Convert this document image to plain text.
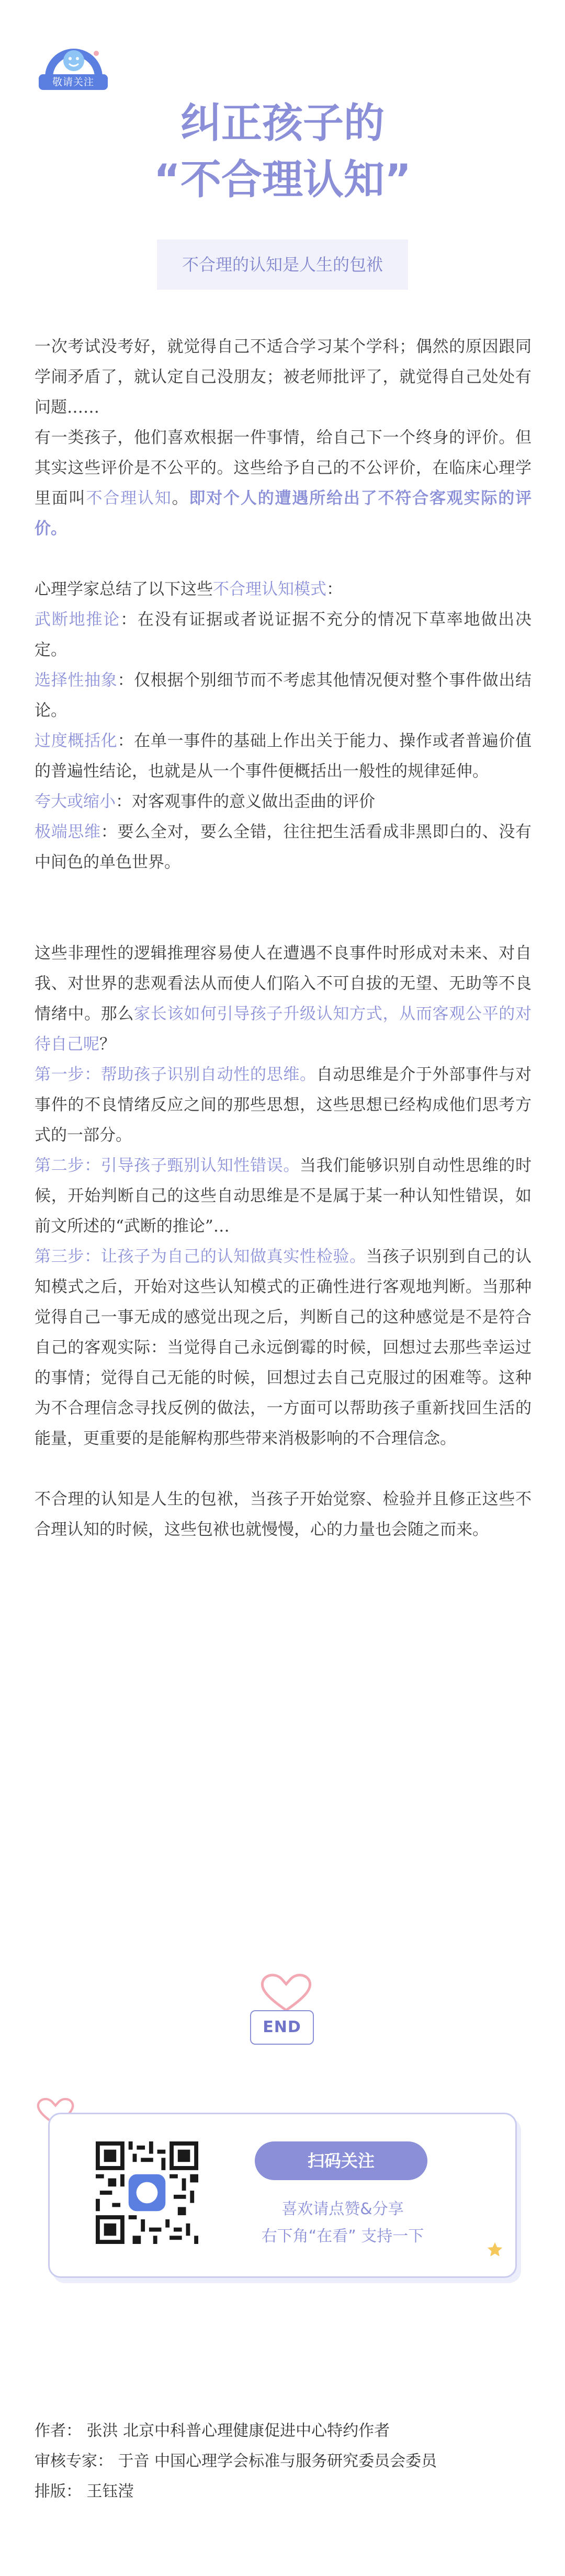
敬请关注
纠正孩子的
“不合理认知”
不合理的认知是人生的包袱

一次考试没考好，就觉得自己不适合学习某个学科；偶然的原因跟同学闹矛盾了，就认定自己没朋友；被老师批评了，就觉得自己处处有问题……

有一类孩子，他们喜欢根据一件事情，给自己下一个终身的评价。但其实这些评价是不公平的。这些给予自己的不公评价，在临床心理学里面叫不合理认知。即对个人的遭遇所给出了不符合客观实际的评价。

心理学家总结了以下这些不合理认知模式：

武断地推论：在没有证据或者说证据不充分的情况下草率地做出决定。

选择性抽象：仅根据个别细节而不考虑其他情况便对整个事件做出结论。

过度概括化：在单一事件的基础上作出关于能力、操作或者普遍价值的普遍性结论，也就是从一个事件便概括出一般性的规律延伸。

夸大或缩小：对客观事件的意义做出歪曲的评价

极端思维：要么全对，要么全错，往往把生活看成非黑即白的、没有中间色的单色世界。

这些非理性的逻辑推理容易使人在遭遇不良事件时形成对未来、对自我、对世界的悲观看法从而使人们陷入不可自拔的无望、无助等不良情绪中。那么家长该如何引导孩子升级认知方式，从而客观公平的对待自己呢？

第一步：帮助孩子识别自动性的思维。自动思维是介于外部事件与对事件的不良情绪反应之间的那些思想，这些思想已经构成他们思考方式的一部分。

第二步：引导孩子甄别认知性错误。当我们能够识别自动性思维的时候，开始判断自己的这些自动思维是不是属于某一种认知性错误，如前文所述的“武断的推论”…

第三步：让孩子为自己的认知做真实性检验。当孩子识别到自己的认知模式之后，开始对这些认知模式的正确性进行客观地判断。当那种觉得自己一事无成的感觉出现之后，判断自己的这种感觉是不是符合自己的客观实际：当觉得自己永远倒霉的时候，回想过去那些幸运过的事情；觉得自己无能的时候，回想过去自己克服过的困难等。这种为不合理信念寻找反例的做法，一方面可以帮助孩子重新找回生活的能量，更重要的是能解构那些带来消极影响的不合理信念。

不合理的认知是人生的包袱，当孩子开始觉察、检验并且修正这些不合理认知的时候，这些包袱也就慢慢，心的力量也会随之而来。

END
扫码关注
喜欢请点赞&分享
右下角“在看” 支持一下
作者： 张洪 北京中科普心理健康促进中心特约作者
审核专家： 于音 中国心理学会标准与服务研究委员会委员
排版： 王钰滢
